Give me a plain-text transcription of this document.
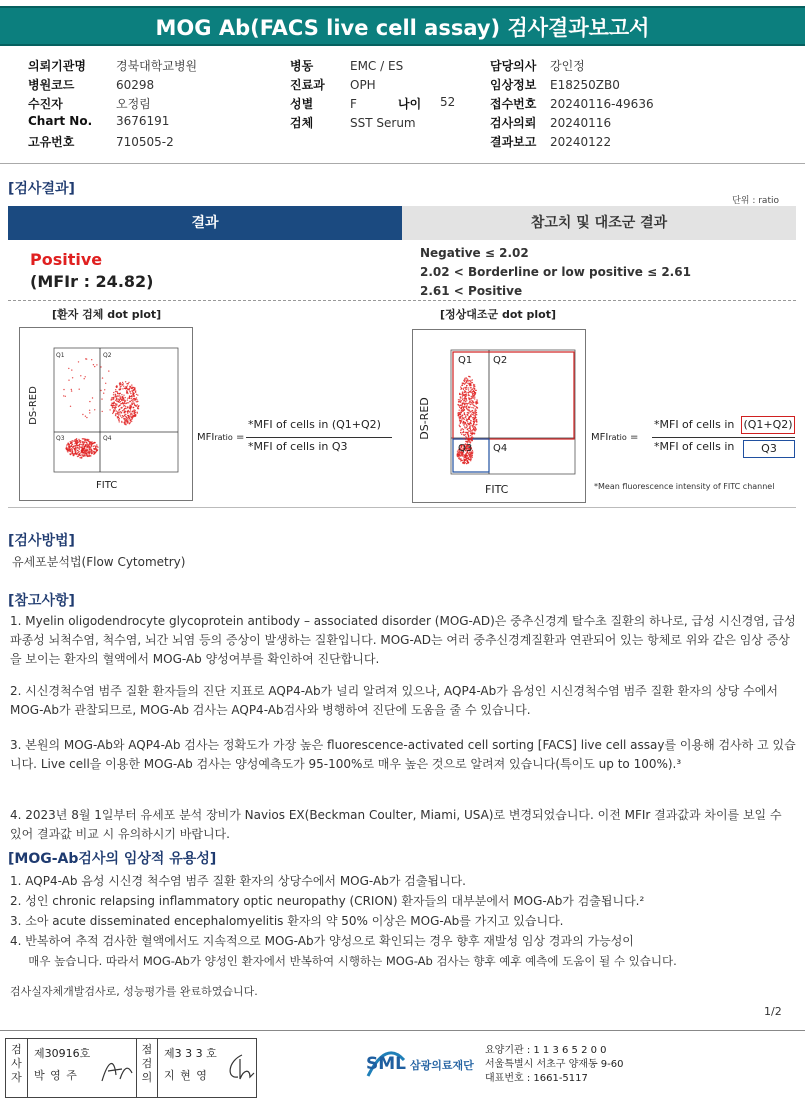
MOG Ab(FACS live cell assay) 검사결과보고서
의뢰기관명	경북대학교병원
병원코드	60298
수진자	오정림
Chart No. 3676191
고유번호	710505-2
병동	EMC / ES
진료과 OPH
성별	F
검체	SST Serum
담당의사 강인정
임상정보 E18250ZB0
접수번호 20240116-49636
검사의뢰 20240116
결과보고 20240122
나이 52
[검사결과]
단위 : ratio
결과	참고치 및 대조군 결과
Positive
(MFIr : 24.82)
Negative ≤ 2.02
2.02 < Borderline or low positive ≤ 2.61
2.61 < Positive
[환자 검체 dot plot]
Q1	Q2
Q3	Q4
DS-RED
FITC
MFIratio =
*MFI of cells in (Q1+Q2)
*MFI of cells in Q3
[정상대조군 dot plot]
Q1 Q2
Q3 Q4
DS-RED
FITC
MFIratio =
*MFI of cells in (Q1+Q2)
*MFI of cells in	Q3
*Mean fluorescence intensity of FITC channel
[검사방법]
유세포분석법(Flow Cytometry)
[참고사항]
1. Myelin oligodendrocyte glycoprotein antibody – associated disorder (MOG-AD)은 중추신경계 탈수초 질환의 하나로, 급성 시신경염, 급성파종성 뇌척수염, 척수염, 뇌간 뇌염 등의 증상이 발생하는 질환입니다. MOG-AD는 여러 중추신경계질환과 연관되어 있는 항체로 위와 같은 임상 증상을 보이는 환자의 혈액에서 MOG-Ab 양성여부를 확인하여 진단합니다.
2. 시신경척수염 범주 질환 환자들의 진단 지표로 AQP4-Ab가 널리 알려져 있으나, AQP4-Ab가 음성인 시신경척수염 범주 질환 환자의 상당 수에서 MOG-Ab가 관찰되므로, MOG-Ab 검사는 AQP4-Ab검사와 병행하여 진단에 도움을 줄 수 있습니다.
3. 본원의 MOG-Ab와 AQP4-Ab 검사는 정확도가 가장 높은 fluorescence-activated cell sorting [FACS] live cell assay를 이용해 검사하 고 있습니다. Live cell을 이용한 MOG-Ab 검사는 양성예측도가 95-100%로 매우 높은 것으로 알려져 있습니다(특이도 up to 100%).³
4. 2023년 8월 1일부터 유세포 분석 장비가 Navios EX(Beckman Coulter, Miami, USA)로 변경되었습니다. 이전 MFIr 결과값과 차이를 보일 수 있어 결과값 비교 시 유의하시기 바랍니다.
[MOG-Ab검사의 임상적 유용성]
1. AQP4-Ab 음성 시신경 척수염 범주 질환 환자의 상당수에서 MOG-Ab가 검출됩니다.
2. 성인 chronic relapsing inflammatory optic neuropathy (CRION) 환자들의 대부분에서 MOG-Ab가 검출됩니다.²
3. 소아 acute disseminated encephalomyelitis 환자의 약 50% 이상은 MOG-Ab를 가지고 있습니다.
4. 반복하여 추적 검사한 혈액에서도 지속적으로 MOG-Ab가 양성으로 확인되는 경우 향후 재발성 임상 경과의 가능성이
매우 높습니다. 따라서 MOG-Ab가 양성인 환자에서 반복하여 시행하는 MOG-Ab 검사는 향후 예후 예측에 도움이 될 수 있습니다.
검사실자체개발검사로, 성능평가를 완료하였습니다.
1/2
검사자
제30916호
박 영 주
점검의
제3 3 3 호
지 현 영
SML 삼광의료재단
요양기관 : 1 1 3 6 5 2 0 0
서울특별시 서초구 양재동 9-60
대표번호 : 1661-5117
